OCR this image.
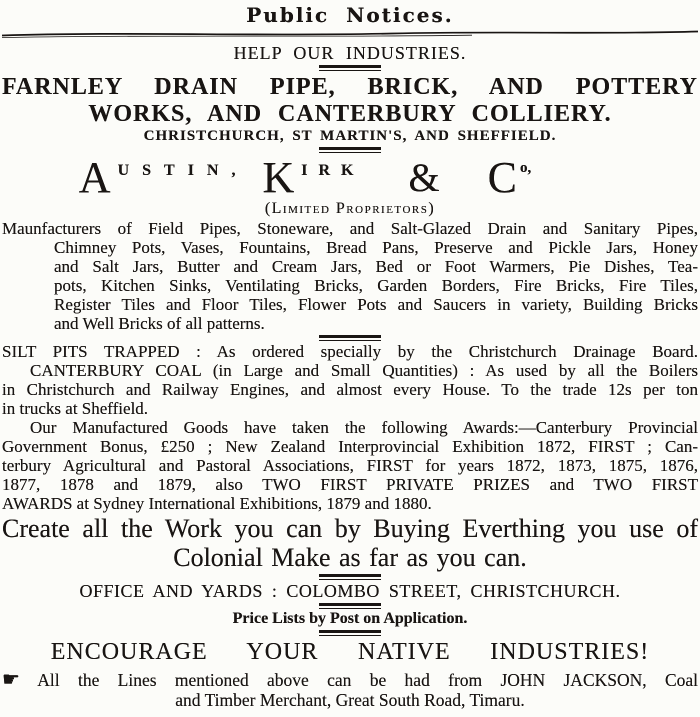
Public Notices.
HELP OUR INDUSTRIES.
FARNLEY DRAIN PIPE, BRICK, AND POTTERY
WORKS, AND CANTERBURY COLLIERY.
CHRISTCHURCH, ST MARTIN'S, AND SHEFFIELD.
A USTIN, K IRK & C o,
(Limited Proprietors)
Maunfacturers of Field Pipes, Stoneware, and Salt-Glazed Drain and Sanitary Pipes,
Chimney Pots, Vases, Fountains, Bread Pans, Preserve and Pickle Jars, Honey
and Salt Jars, Butter and Cream Jars, Bed or Foot Warmers, Pie Dishes, Tea-
pots, Kitchen Sinks, Ventilating Bricks, Garden Borders, Fire Bricks, Fire Tiles,
Register Tiles and Floor Tiles, Flower Pots and Saucers in variety, Building Bricks
and Well Bricks of all patterns.
SILT PITS TRAPPED : As ordered specially by the Christchurch Drainage Board.
CANTERBURY COAL (in Large and Small Quantities) : As used by all the Boilers
in Christchurch and Railway Engines, and almost every House. To the trade 12s per ton
in trucks at Sheffield.
Our Manufactured Goods have taken the following Awards:—Canterbury Provincial
Government Bonus, £250 ; New Zealand Interprovincial Exhibition 1872, FIRST ; Can-
terbury Agricultural and Pastoral Associations, FIRST for years 1872, 1873, 1875, 1876,
1877, 1878 and 1879, also TWO FIRST PRIVATE PRIZES and TWO FIRST
AWARDS at Sydney International Exhibitions, 1879 and 1880.
Create all the Work you can by Buying Everthing you use of
Colonial Make as far as you can.
OFFICE AND YARDS : COLOMBO STREET, CHRISTCHURCH.
Price Lists by Post on Application.
ENCOURAGE YOUR NATIVE INDUSTRIES!
☛ All the Lines mentioned above can be had from JOHN JACKSON, Coal
and Timber Merchant, Great South Road, Timaru.
